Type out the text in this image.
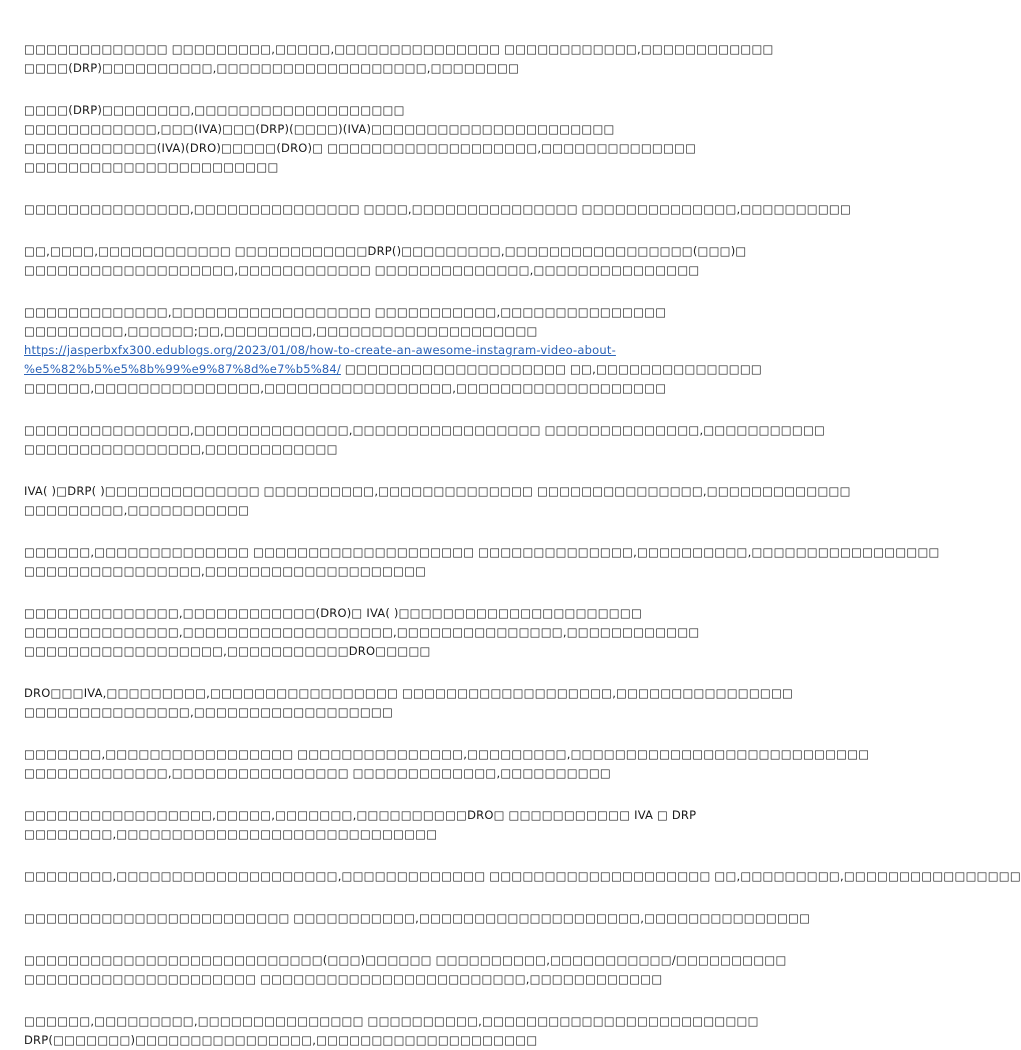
□□□□□□□□□□□□□ □□□□□□□□□,□□□□□,□□□□□□□□□□□□□□□ □□□□□□□□□□□□,□□□□□□□□□□□□
□□□□(DRP)□□□□□□□□□□,□□□□□□□□□□□□□□□□□□□,□□□□□□□□

□□□□(DRP)□□□□□□□□,□□□□□□□□□□□□□□□□□□□
□□□□□□□□□□□□,□□□(IVA)□□□(DRP)(□□□□)(IVA)□□□□□□□□□□□□□□□□□□□□□□
□□□□□□□□□□□□(IVA)(DRO)□□□□□(DRO)□ □□□□□□□□□□□□□□□□□□□,□□□□□□□□□□□□□□
□□□□□□□□□□□□□□□□□□□□□□□

□□□□□□□□□□□□□□□,□□□□□□□□□□□□□□□ □□□□,□□□□□□□□□□□□□□□ □□□□□□□□□□□□□□,□□□□□□□□□□

□□,□□□□,□□□□□□□□□□□□ □□□□□□□□□□□□DRP()□□□□□□□□□,□□□□□□□□□□□□□□□□□(□□□)□
□□□□□□□□□□□□□□□□□□□,□□□□□□□□□□□□ □□□□□□□□□□□□□□,□□□□□□□□□□□□□□□

□□□□□□□□□□□□□,□□□□□□□□□□□□□□□□□□ □□□□□□□□□□□,□□□□□□□□□□□□□□□
□□□□□□□□□,□□□□□□;□□,□□□□□□□□,□□□□□□□□□□□□□□□□□□□□
https://jasperbxfx300.edublogs.org/2023/01/08/how-to-create-an-awesome-instagram-video-about-
%e5%82%b5%e5%8b%99%e9%87%8d%e7%b5%84/ □□□□□□□□□□□□□□□□□□□□ □□,□□□□□□□□□□□□□□□
□□□□□□,□□□□□□□□□□□□□□□,□□□□□□□□□□□□□□□□□,□□□□□□□□□□□□□□□□□□□

□□□□□□□□□□□□□□□,□□□□□□□□□□□□□□,□□□□□□□□□□□□□□□□□ □□□□□□□□□□□□□□,□□□□□□□□□□□
□□□□□□□□□□□□□□□□,□□□□□□□□□□□□

IVA( )□DRP( )□□□□□□□□□□□□□□ □□□□□□□□□□,□□□□□□□□□□□□□□ □□□□□□□□□□□□□□□,□□□□□□□□□□□□□
□□□□□□□□□,□□□□□□□□□□□

□□□□□□,□□□□□□□□□□□□□□ □□□□□□□□□□□□□□□□□□□□ □□□□□□□□□□□□□□,□□□□□□□□□□,□□□□□□□□□□□□□□□□□
□□□□□□□□□□□□□□□□,□□□□□□□□□□□□□□□□□□□□

□□□□□□□□□□□□□□,□□□□□□□□□□□□(DRO)□ IVA( )□□□□□□□□□□□□□□□□□□□□□□
□□□□□□□□□□□□□□,□□□□□□□□□□□□□□□□□□□,□□□□□□□□□□□□□□□,□□□□□□□□□□□□
□□□□□□□□□□□□□□□□□□,□□□□□□□□□□□DRO□□□□□

DRO□□□IVA,□□□□□□□□□,□□□□□□□□□□□□□□□□□ □□□□□□□□□□□□□□□□□□□,□□□□□□□□□□□□□□□□
□□□□□□□□□□□□□□□,□□□□□□□□□□□□□□□□□□

□□□□□□□,□□□□□□□□□□□□□□□□□ □□□□□□□□□□□□□□□,□□□□□□□□□,□□□□□□□□□□□□□□□□□□□□□□□□□□□
□□□□□□□□□□□□□,□□□□□□□□□□□□□□□□ □□□□□□□□□□□□□,□□□□□□□□□□

□□□□□□□□□□□□□□□□□,□□□□□,□□□□□□□,□□□□□□□□□□DRO□ □□□□□□□□□□□ IVA □ DRP
□□□□□□□□,□□□□□□□□□□□□□□□□□□□□□□□□□□□□□

□□□□□□□□,□□□□□□□□□□□□□□□□□□□□,□□□□□□□□□□□□□ □□□□□□□□□□□□□□□□□□□□ □□,□□□□□□□□□,□□□□□□□□□□□□□□□□

□□□□□□□□□□□□□□□□□□□□□□□□ □□□□□□□□□□□,□□□□□□□□□□□□□□□□□□□□,□□□□□□□□□□□□□□□

□□□□□□□□□□□□□□□□□□□□□□□□□□□(□□□)□□□□□□ □□□□□□□□□□,□□□□□□□□□□□/□□□□□□□□□□
□□□□□□□□□□□□□□□□□□□□□ □□□□□□□□□□□□□□□□□□□□□□□□,□□□□□□□□□□□□

□□□□□□,□□□□□□□□□,□□□□□□□□□□□□□□□ □□□□□□□□□□,□□□□□□□□□□□□□□□□□□□□□□□□□
DRP(□□□□□□□)□□□□□□□□□□□□□□□□,□□□□□□□□□□□□□□□□□□□□
